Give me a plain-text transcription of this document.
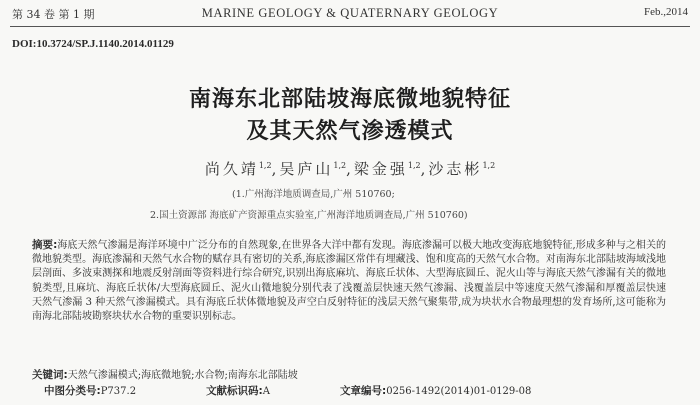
第 34 卷 第 1 期	MARINE GEOLOGY & QUATERNARY GEOLOGY	Feb.,2014
DOI:10.3724/SP.J.1140.2014.01129
南海东北部陆坡海底微地貌特征
及其天然气渗透模式
尚久靖$^{1,2}$,吴庐山$^{1,2}$,梁金强$^{1,2}$,沙志彬$^{1,2}$
(1.广州海洋地质调查局,广州 510760;
2.国土资源部 海底矿产资源重点实验室,广州海洋地质调查局,广州 510760)
摘要:海底天然气渗漏是海洋环境中广泛分布的自然现象,在世界各大洋中都有发现。海底渗漏可以极大地改变海底地貌特征,形成多种与之相关的微地貌类型。海底渗漏和天然气水合物的赋存具有密切的关系,海底渗漏区常伴有埋藏浅、饱和度高的天然气水合物。对南海东北部陆坡海域浅地层剖面、多波束测探和地震反射剖面等资料进行综合研究,识别出海底麻坑、海底丘状体、大型海底圆丘、泥火山等与海底天然气渗漏有关的微地貌类型,且麻坑、海底丘状体/大型海底圆丘、泥火山微地貌分别代表了浅覆盖层快速天然气渗漏、浅覆盖层中等速度天然气渗漏和厚覆盖层快速天然气渗漏 3 种天然气渗漏模式。具有海底丘状体微地貌及声空白反射特征的浅层天然气聚集带,成为块状水合物最理想的发育场所,这可能称为南海北部陆坡勘察块状水合物的重要识别标志。
关键词:天然气渗漏模式;海底微地貌;水合物;南海东北部陆坡
中图分类号:P737.2	文献标识码:A	文章编号:0256-1492(2014)01-0129-08
